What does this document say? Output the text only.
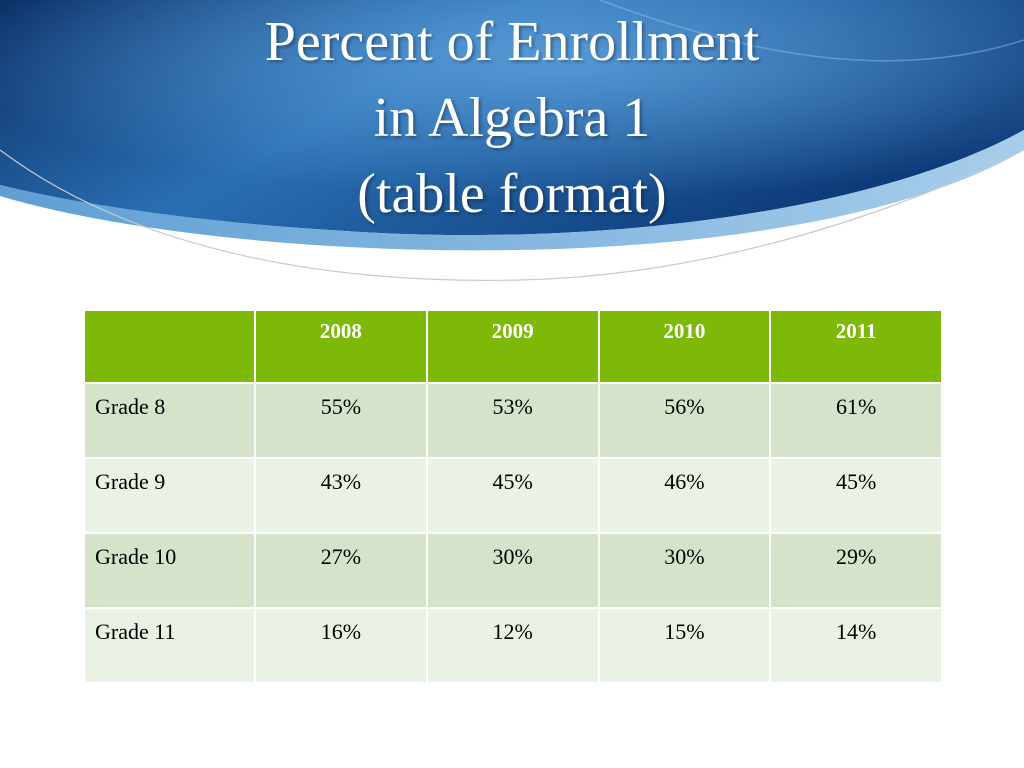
Percent of Enrollment
in Algebra 1
(table format)
	2008	2009	2010	2011
Grade 8	55%	53%	56%	61%
Grade 9	43%	45%	46%	45%
Grade 10	27%	30%	30%	29%
Grade 11	16%	12%	15%	14%
